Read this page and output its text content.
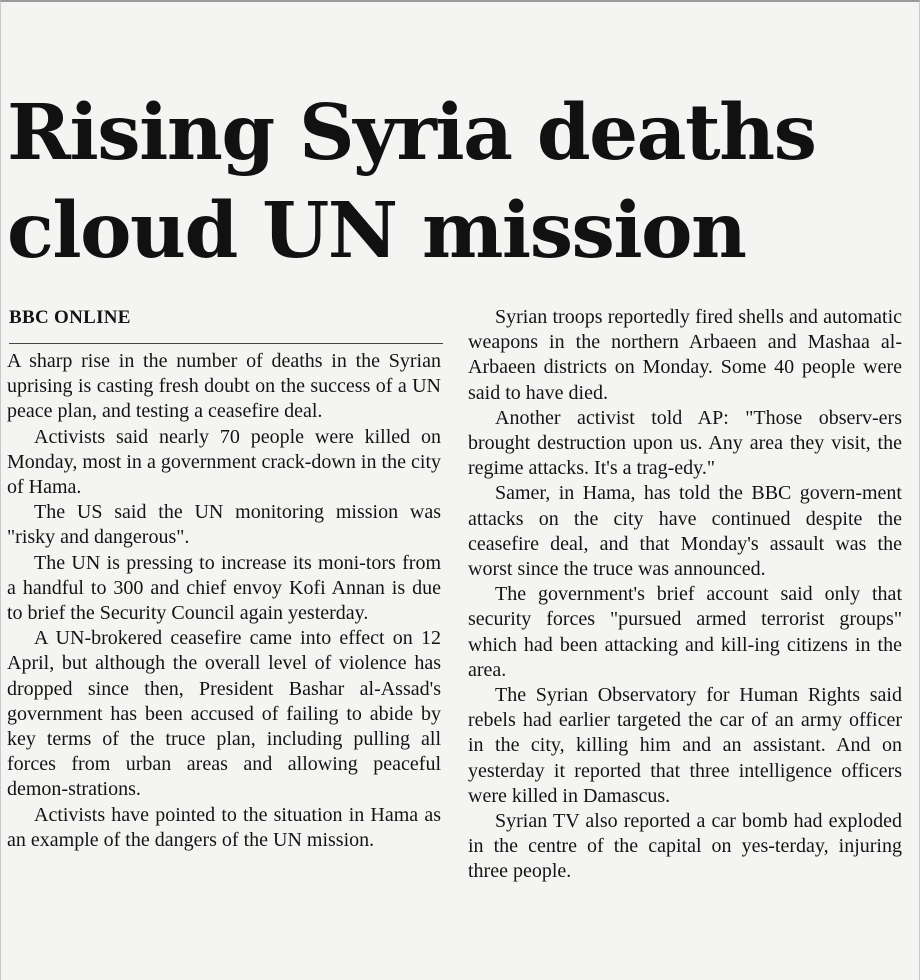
Rising Syria deaths
cloud UN mission
BBC ONLINE

A sharp rise in the number of deaths in the Syrian uprising is casting fresh doubt on the success of a UN peace plan, and testing a ceasefire deal.

Activists said nearly 70 people were killed on Monday, most in a government crack-down in the city of Hama.

The US said the UN monitoring mission was "risky and dangerous".

The UN is pressing to increase its moni-tors from a handful to 300 and chief envoy Kofi Annan is due to brief the Security Council again yesterday.

A UN-brokered ceasefire came into effect on 12 April, but although the overall level of violence has dropped since then, President Bashar al-Assad's government has been accused of failing to abide by key terms of the truce plan, including pulling all forces from urban areas and allowing peaceful demon-strations.

Activists have pointed to the situation in Hama as an example of the dangers of the UN mission.

Syrian troops reportedly fired shells and automatic weapons in the northern Arbaeen and Mashaa al-Arbaeen districts on Monday. Some 40 people were said to have died.

Another activist told AP: "Those observ-ers brought destruction upon us. Any area they visit, the regime attacks. It's a trag-edy."

Samer, in Hama, has told the BBC govern-ment attacks on the city have continued despite the ceasefire deal, and that Monday's assault was the worst since the truce was announced.

The government's brief account said only that security forces "pursued armed terrorist groups" which had been attacking and kill-ing citizens in the area.

The Syrian Observatory for Human Rights said rebels had earlier targeted the car of an army officer in the city, killing him and an assistant. And on yesterday it reported that three intelligence officers were killed in Damascus.

Syrian TV also reported a car bomb had exploded in the centre of the capital on yes-terday, injuring three people.
